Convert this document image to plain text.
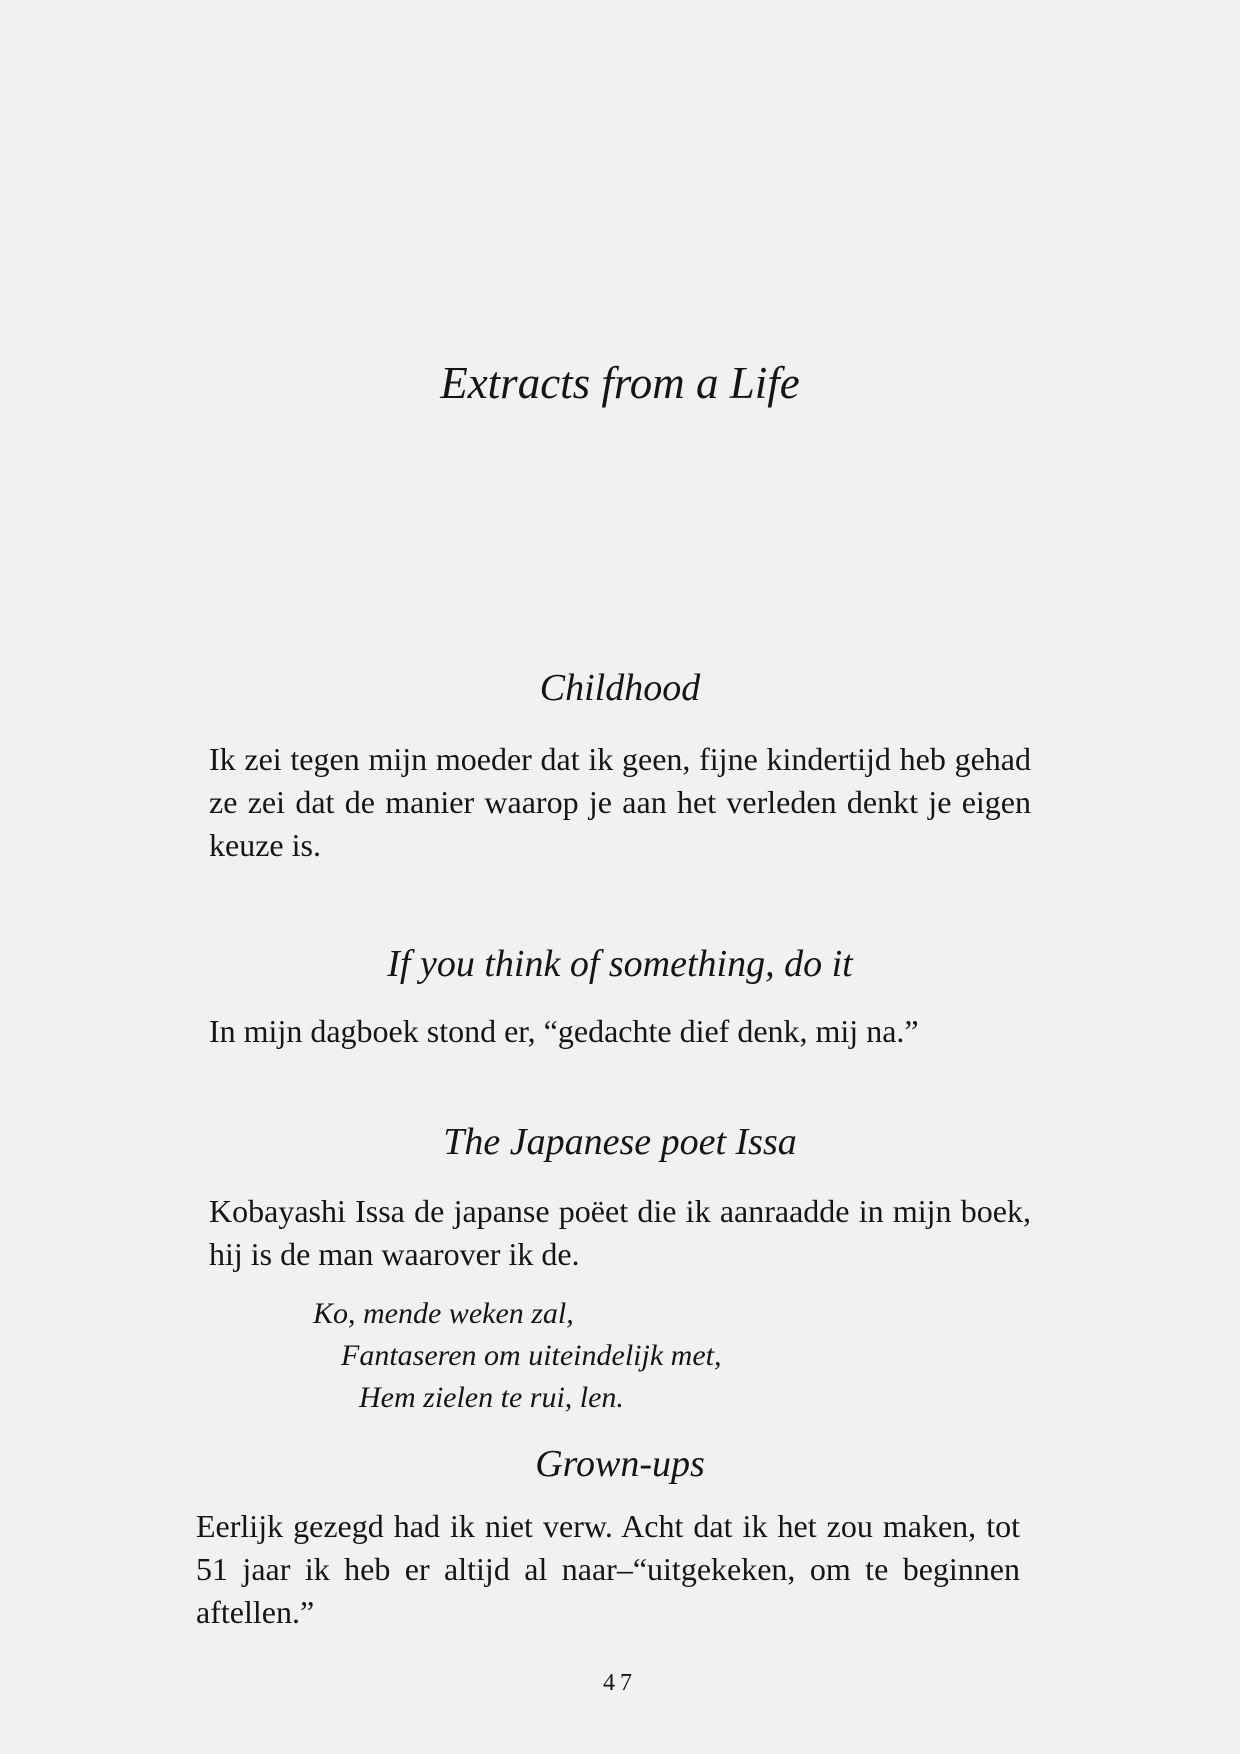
Extracts from a Life
Childhood

Ik zei tegen mijn moeder dat ik geen, fijne kindertijd heb gehad ze zei dat de manier waarop je aan het verleden denkt je eigen keuze is.

If you think of something, do it

In mijn dagboek stond er, “gedachte dief denk, mij na.”

The Japanese poet Issa

Kobayashi Issa de japanse poëet die ik aanraadde in mijn boek, hij is de man waarover ik de.

Ko, mende weken zal,

Fantaseren om uiteindelijk met,

Hem zielen te rui, len.

Grown-ups

Eerlijk gezegd had ik niet verw. Acht dat ik het zou maken, tot 51 jaar ik heb er altijd al naar–“uitgekeken, om te beginnen aftellen.”

47
